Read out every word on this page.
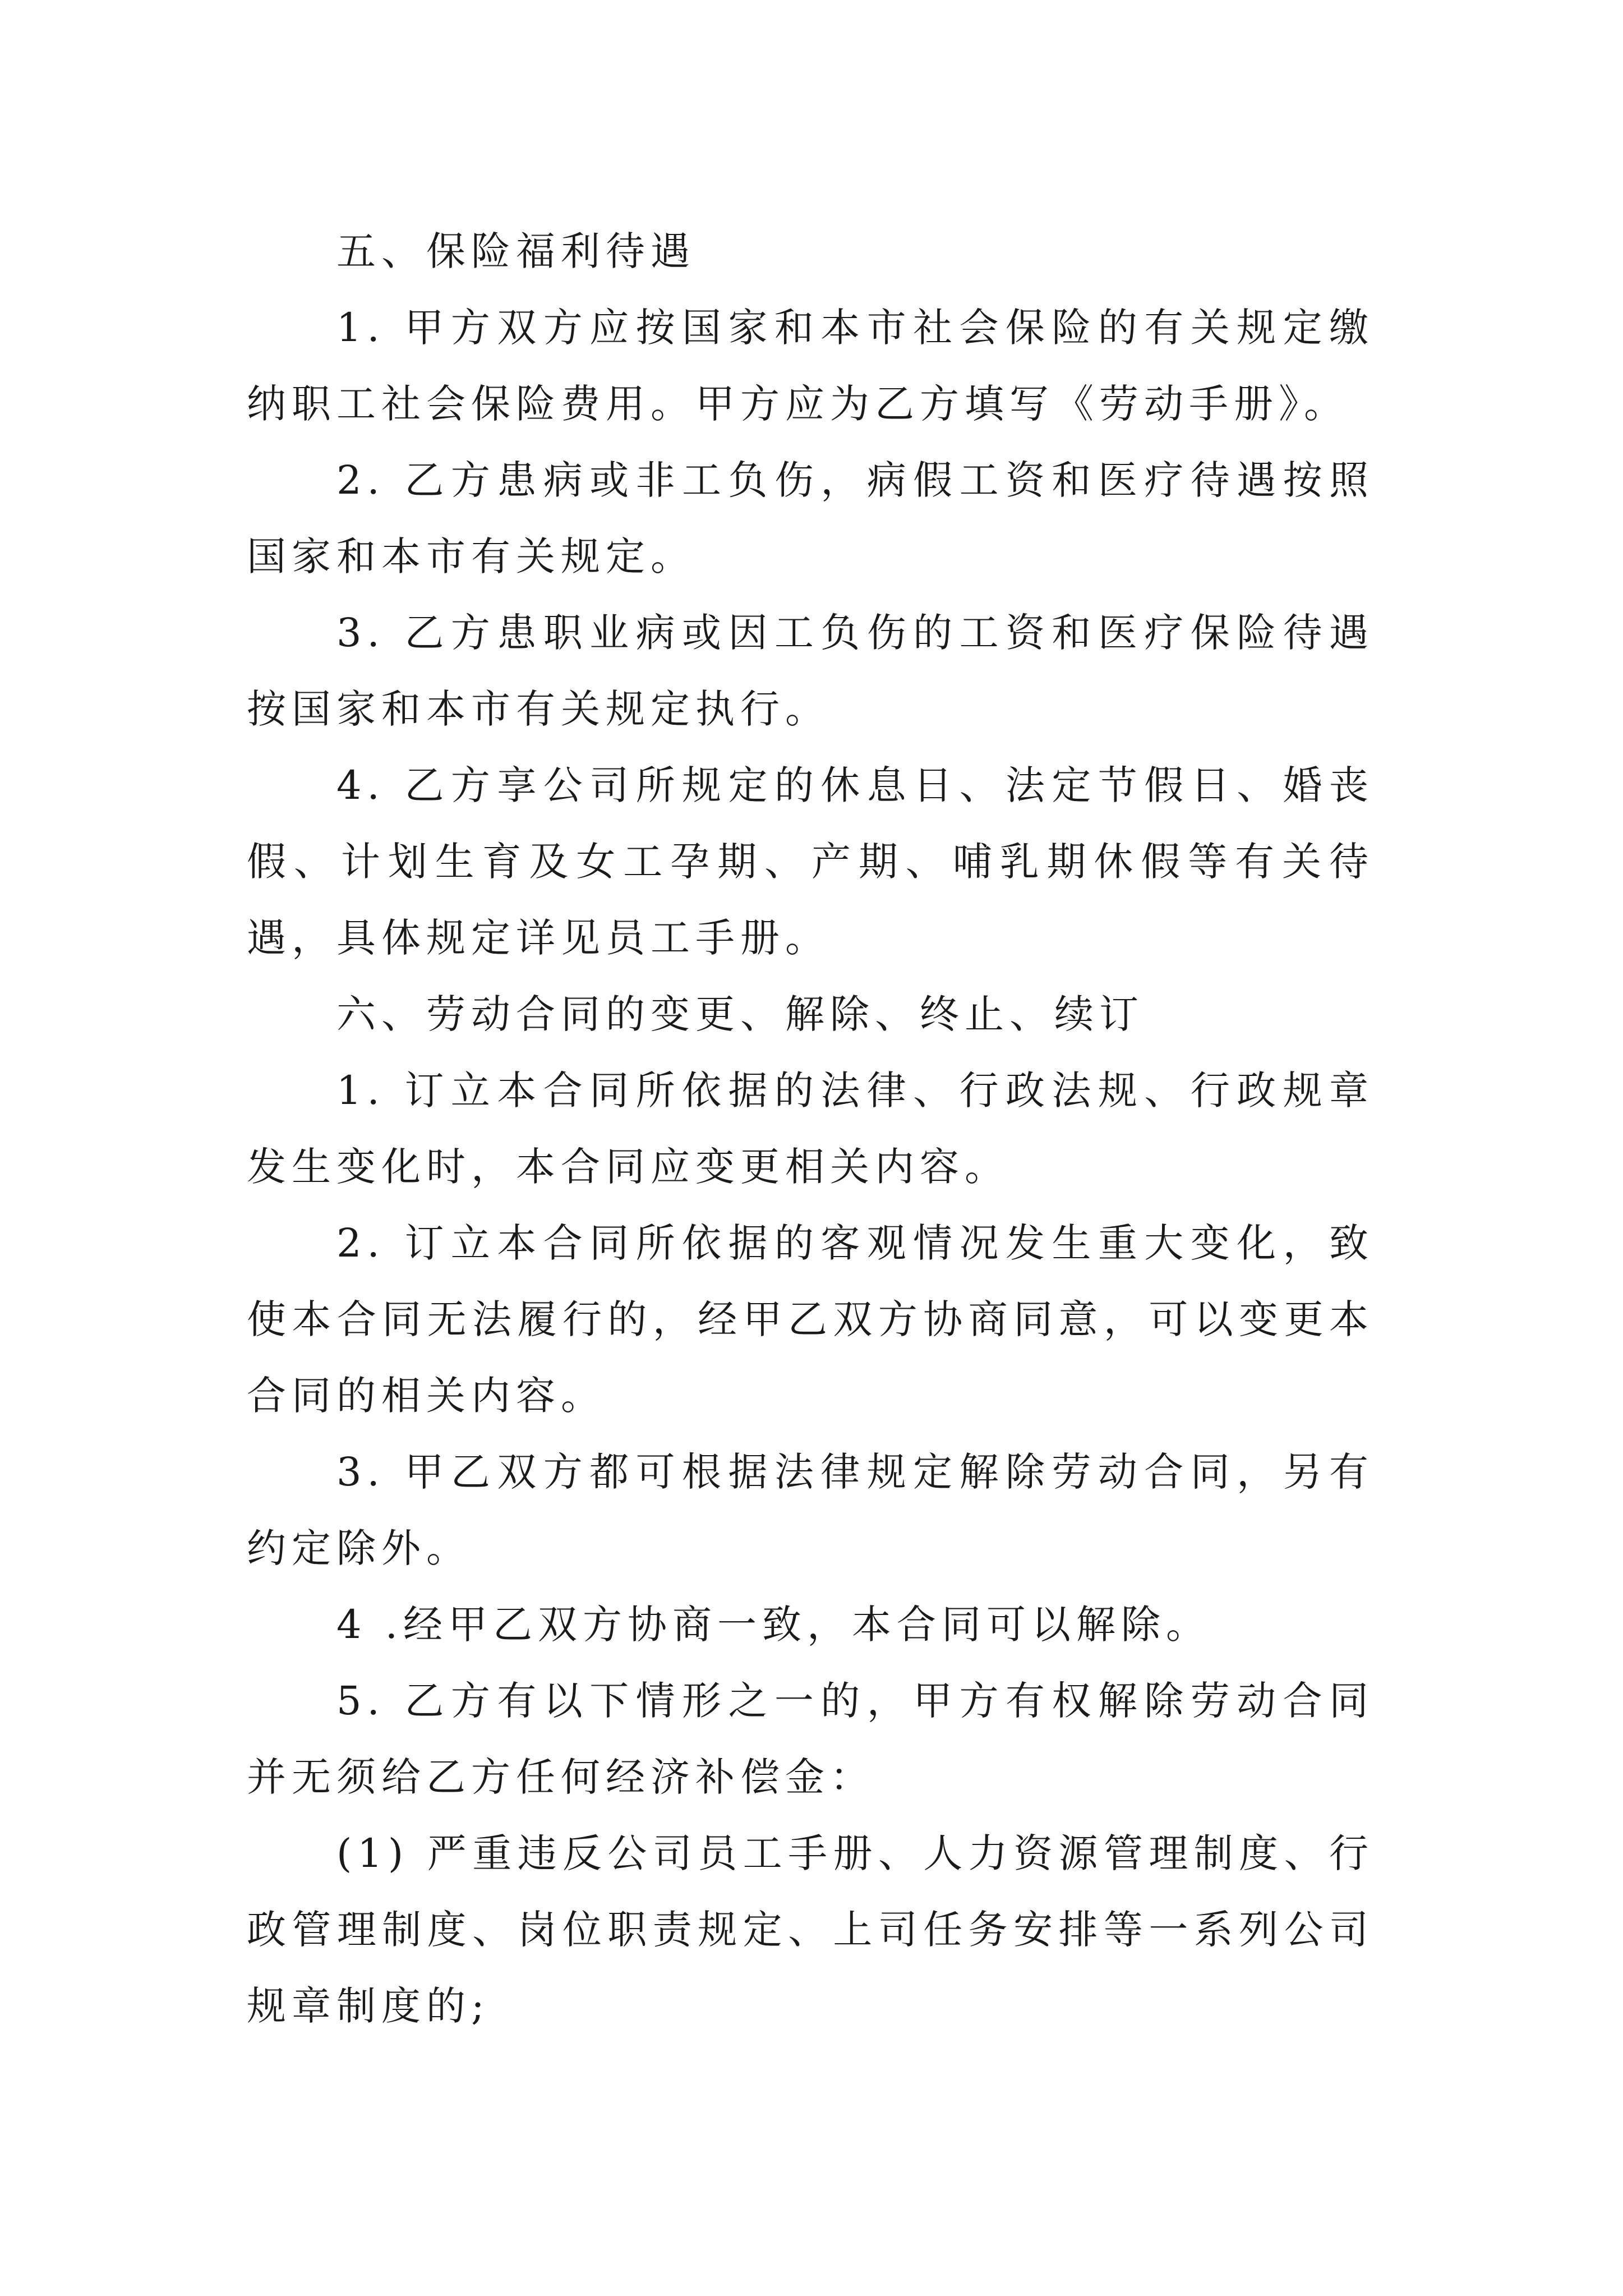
五、保险福利待遇

1. 甲方双方应按国家和本市社会保险的有关规定缴纳职工社会保险费用。甲方应为乙方填写《劳动手册》。

2. 乙方患病或非工负伤，病假工资和医疗待遇按照国家和本市有关规定。

3. 乙方患职业病或因工负伤的工资和医疗保险待遇按国家和本市有关规定执行。

4. 乙方享公司所规定的休息日、法定节假日、婚丧假、计划生育及女工孕期、产期、哺乳期休假等有关待遇，具体规定详见员工手册。

六、劳动合同的变更、解除、终止、续订

1. 订立本合同所依据的法律、行政法规、行政规章发生变化时，本合同应变更相关内容。

2. 订立本合同所依据的客观情况发生重大变化，致使本合同无法履行的，经甲乙双方协商同意，可以变更本合同的相关内容。

3. 甲乙双方都可根据法律规定解除劳动合同，另有约定除外。

4 .经甲乙双方协商一致，本合同可以解除。

5. 乙方有以下情形之一的，甲方有权解除劳动合同并无须给乙方任何经济补偿金：

(1) 严重违反公司员工手册、人力资源管理制度、行政管理制度、岗位职责规定、上司任务安排等一系列公司规章制度的;
